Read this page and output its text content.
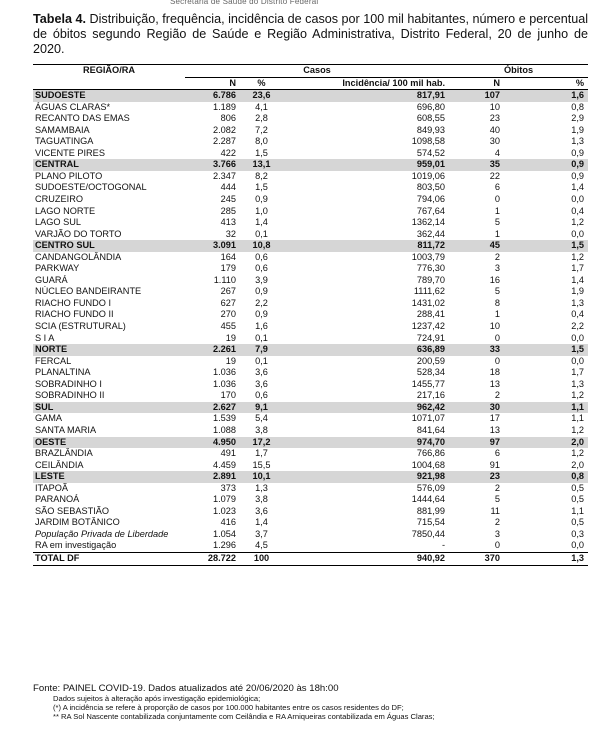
Secretaria de Saúde do Distrito Federal
Tabela 4. Distribuição, frequência, incidência de casos por 100 mil habitantes, número e percentual de óbitos segundo Região de Saúde e Região Administrativa, Distrito Federal, 20 de junho de 2020.
REGIÃO/RA	Casos			Óbitos	
	N	%	Incidência/ 100 mil hab.	N	%
SUDOESTE	6.786	23,6	817,91	107	1,6
ÁGUAS CLARAS*	1.189	4,1	696,80	10	0,8
RECANTO DAS EMAS	806	2,8	608,55	23	2,9
SAMAMBAIA	2.082	7,2	849,93	40	1,9
TAGUATINGA	2.287	8,0	1098,58	30	1,3
VICENTE PIRES	422	1,5	574,52	4	0,9
CENTRAL	3.766	13,1	959,01	35	0,9
PLANO PILOTO	2.347	8,2	1019,06	22	0,9
SUDOESTE/OCTOGONAL	444	1,5	803,50	6	1,4
CRUZEIRO	245	0,9	794,06	0	0,0
LAGO NORTE	285	1,0	767,64	1	0,4
LAGO SUL	413	1,4	1362,14	5	1,2
VARJÃO DO TORTO	32	0,1	362,44	1	0,0
CENTRO SUL	3.091	10,8	811,72	45	1,5
CANDANGOLÂNDIA	164	0,6	1003,79	2	1,2
PARKWAY	179	0,6	776,30	3	1,7
GUARÁ	1.110	3,9	789,70	16	1,4
NÚCLEO BANDEIRANTE	267	0,9	1111,62	5	1,9
RIACHO FUNDO I	627	2,2	1431,02	8	1,3
RIACHO FUNDO II	270	0,9	288,41	1	0,4
SCIA (ESTRUTURAL)	455	1,6	1237,42	10	2,2
S I A	19	0,1	724,91	0	0,0
NORTE	2.261	7,9	636,89	33	1,5
FERCAL	19	0,1	200,59	0	0,0
PLANALTINA	1.036	3,6	528,34	18	1,7
SOBRADINHO I	1.036	3,6	1455,77	13	1,3
SOBRADINHO II	170	0,6	217,16	2	1,2
SUL	2.627	9,1	962,42	30	1,1
GAMA	1.539	5,4	1071,07	17	1,1
SANTA MARIA	1.088	3,8	841,64	13	1,2
OESTE	4.950	17,2	974,70	97	2,0
BRAZLÂNDIA	491	1,7	766,86	6	1,2
CEILÂNDIA	4.459	15,5	1004,68	91	2,0
LESTE	2.891	10,1	921,98	23	0,8
ITAPOÃ	373	1,3	576,09	2	0,5
PARANOÁ	1.079	3,8	1444,64	5	0,5
SÃO SEBASTIÃO	1.023	3,6	881,99	11	1,1
JARDIM BOTÂNICO	416	1,4	715,54	2	0,5
População Privada de Liberdade	1.054	3,7	7850,44	3	0,3
RA em investigação	1.296	4,5	-	0	0,0
TOTAL DF	28.722	100	940,92	370	1,3
Fonte: PAINEL COVID-19. Dados atualizados até 20/06/2020 às 18h:00
Dados sujeitos à alteração após investigação epidemiológica;
(*) A incidência se refere à proporção de casos por 100.000 habitantes entre os casos residentes do DF;
** RA Sol Nascente contabilizada conjuntamente com Ceilândia e RA Arniqueiras contabilizada em Águas Claras;
